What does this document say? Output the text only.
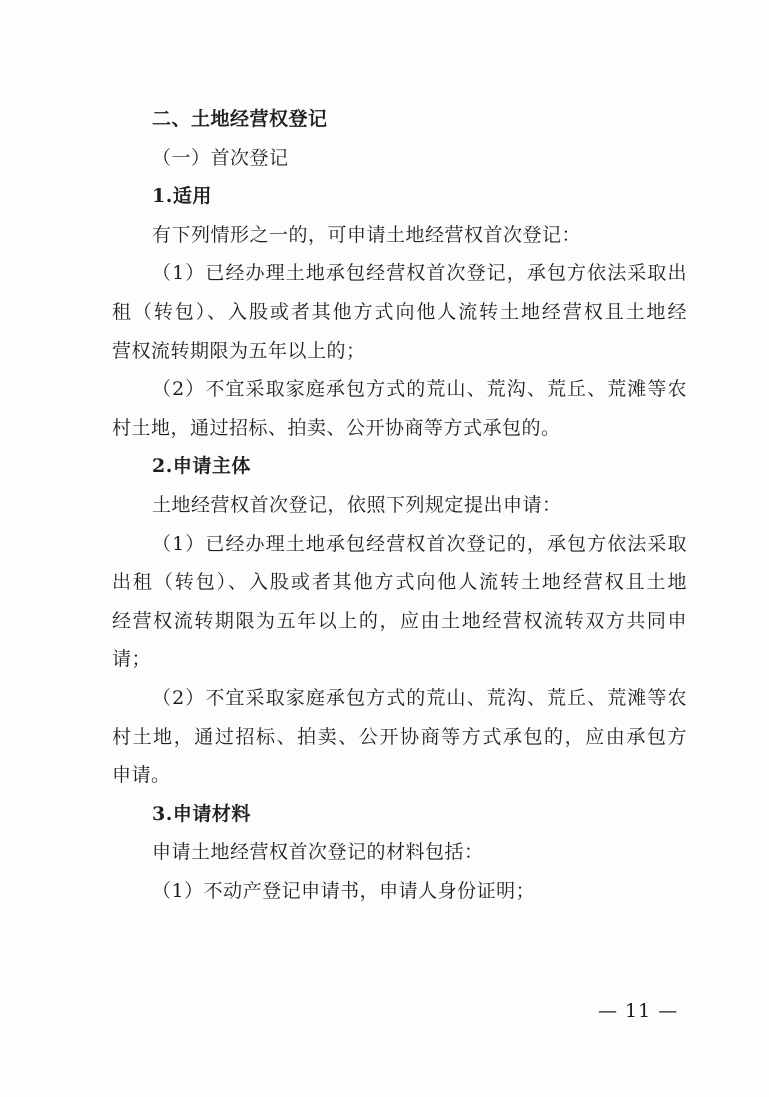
二、土地经营权登记
（一）首次登记
1.适用
有下列情形之一的，可申请土地经营权首次登记：
（1）已经办理土地承包经营权首次登记，承包方依法采取出
租（转包）、入股或者其他方式向他人流转土地经营权且土地经
营权流转期限为五年以上的；
（2）不宜采取家庭承包方式的荒山、荒沟、荒丘、荒滩等农
村土地，通过招标、拍卖、公开协商等方式承包的。
2.申请主体
土地经营权首次登记，依照下列规定提出申请：
（1）已经办理土地承包经营权首次登记的，承包方依法采取
出租（转包）、入股或者其他方式向他人流转土地经营权且土地
经营权流转期限为五年以上的，应由土地经营权流转双方共同申
请；
（2）不宜采取家庭承包方式的荒山、荒沟、荒丘、荒滩等农
村土地，通过招标、拍卖、公开协商等方式承包的，应由承包方
申请。
3.申请材料
申请土地经营权首次登记的材料包括：
（1）不动产登记申请书，申请人身份证明；
— 11 —
